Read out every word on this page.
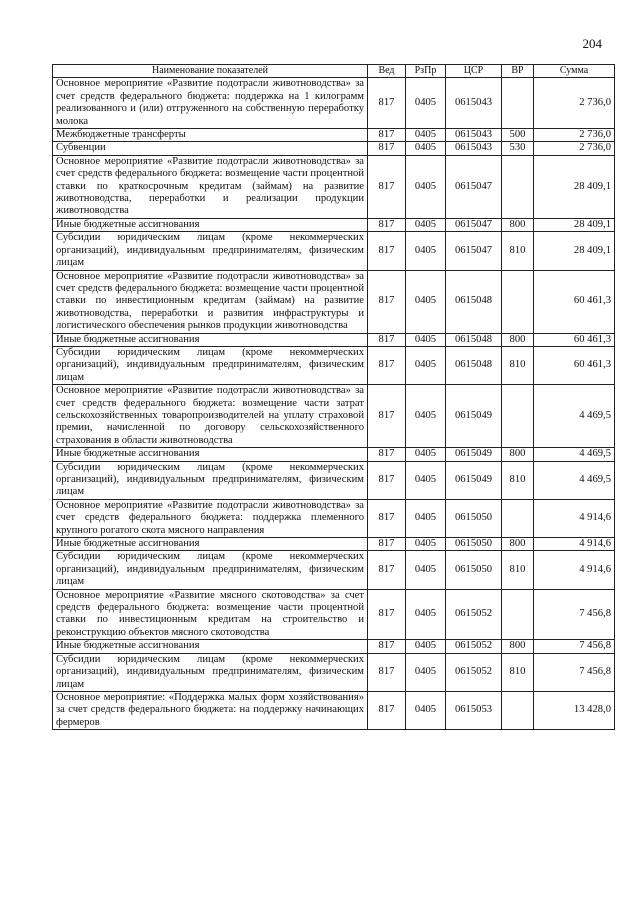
204
Наименование показателей	Вед	РзПр	ЦСР	ВР	Сумма
Основное мероприятие «Развитие подотрасли животноводства» за счет средств федерального бюджета: поддержка на 1 килограмм реализованного и (или) отгруженного на собственную переработку молока	817	0405	0615043		2 736,0
Межбюджетные трансферты	817	0405	0615043	500	2 736,0
Субвенции	817	0405	0615043	530	2 736,0
Основное мероприятие «Развитие подотрасли животноводства» за счет средств федерального бюджета: возмещение части процентной ставки по краткосрочным кредитам (займам) на развитие животноводства, переработки и реализации продукции животноводства	817	0405	0615047		28 409,1
Иные бюджетные ассигнования	817	0405	0615047	800	28 409,1
Субсидии юридическим лицам (кроме некоммерческих организаций), индивидуальным предпринимателям, физическим лицам	817	0405	0615047	810	28 409,1
Основное мероприятие «Развитие подотрасли животноводства» за счет средств федерального бюджета: возмещение части процентной ставки по инвестиционным кредитам (займам) на развитие животноводства, переработки и развития инфраструктуры и логистического обеспечения рынков продукции животноводства	817	0405	0615048		60 461,3
Иные бюджетные ассигнования	817	0405	0615048	800	60 461,3
Субсидии юридическим лицам (кроме некоммерческих организаций), индивидуальным предпринимателям, физическим лицам	817	0405	0615048	810	60 461,3
Основное мероприятие «Развитие подотрасли животноводства» за счет средств федерального бюджета: возмещение части затрат сельскохозяйственных товаропроизводителей на уплату страховой премии, начисленной по договору сельскохозяйственного страхования в области животноводства	817	0405	0615049		4 469,5
Иные бюджетные ассигнования	817	0405	0615049	800	4 469,5
Субсидии юридическим лицам (кроме некоммерческих организаций), индивидуальным предпринимателям, физическим лицам	817	0405	0615049	810	4 469,5
Основное мероприятие «Развитие подотрасли животноводства» за счет средств федерального бюджета: поддержка племенного крупного рогатого скота мясного направления	817	0405	0615050		4 914,6
Иные бюджетные ассигнования	817	0405	0615050	800	4 914,6
Субсидии юридическим лицам (кроме некоммерческих организаций), индивидуальным предпринимателям, физическим лицам	817	0405	0615050	810	4 914,6
Основное мероприятие «Развитие мясного скотоводства» за счет средств федерального бюджета: возмещение части процентной ставки по инвестиционным кредитам на строительство и реконструкцию объектов мясного скотоводства	817	0405	0615052		7 456,8
Иные бюджетные ассигнования	817	0405	0615052	800	7 456,8
Субсидии юридическим лицам (кроме некоммерческих организаций), индивидуальным предпринимателям, физическим лицам	817	0405	0615052	810	7 456,8
Основное мероприятие: «Поддержка малых форм хозяйствования» за счет средств федерального бюджета: на поддержку начинающих фермеров	817	0405	0615053		13 428,0
